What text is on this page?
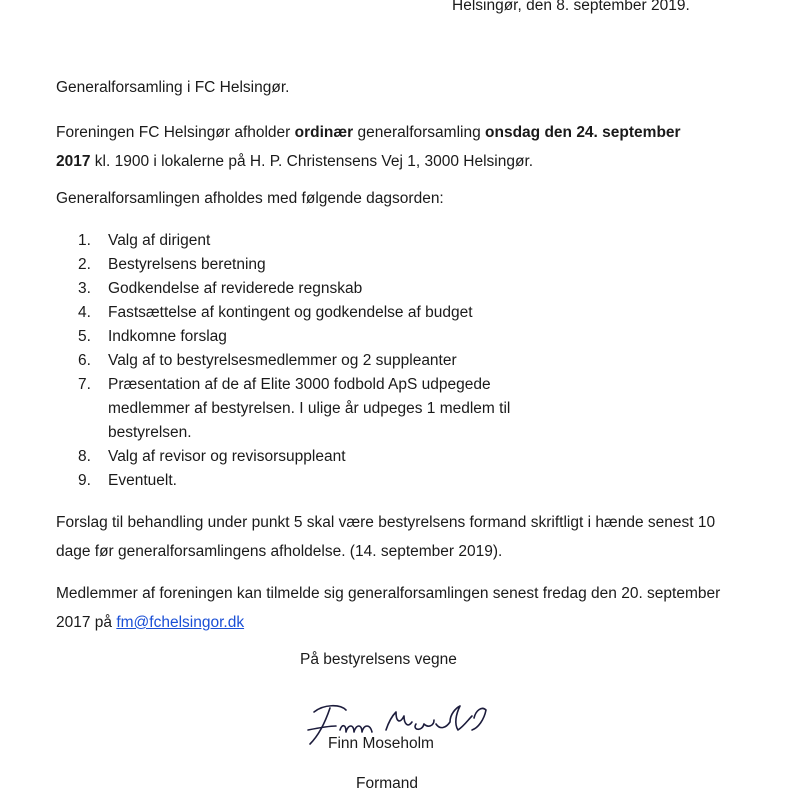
Helsingør, den 8. september 2019.
Generalforsamling i FC Helsingør.
Foreningen FC Helsingør afholder ordinær generalforsamling onsdag den 24. september 2017 kl. 1900 i lokalerne på H. P. Christensens Vej 1, 3000 Helsingør.
Generalforsamlingen afholdes med følgende dagsorden:
1.	Valg af dirigent
2.	Bestyrelsens beretning
3.	Godkendelse af reviderede regnskab
4.	Fastsættelse af kontingent og godkendelse af budget
5.	Indkomne forslag
6.	Valg af to bestyrelsesmedlemmer og 2 suppleanter
7.	Præsentation af de af Elite 3000 fodbold ApS udpegede medlemmer af bestyrelsen. I ulige år udpeges 1 medlem til bestyrelsen.
8.	Valg af revisor og revisorsuppleant
9.	Eventuelt.
Forslag til behandling under punkt 5 skal være bestyrelsens formand skriftligt i hænde senest 10 dage før generalforsamlingens afholdelse. (14. september 2019).
Medlemmer af foreningen kan tilmelde sig generalforsamlingen senest fredag den 20. september 2017 på fm@fchelsingor.dk
På bestyrelsens vegne
Finn Moseholm
Formand
